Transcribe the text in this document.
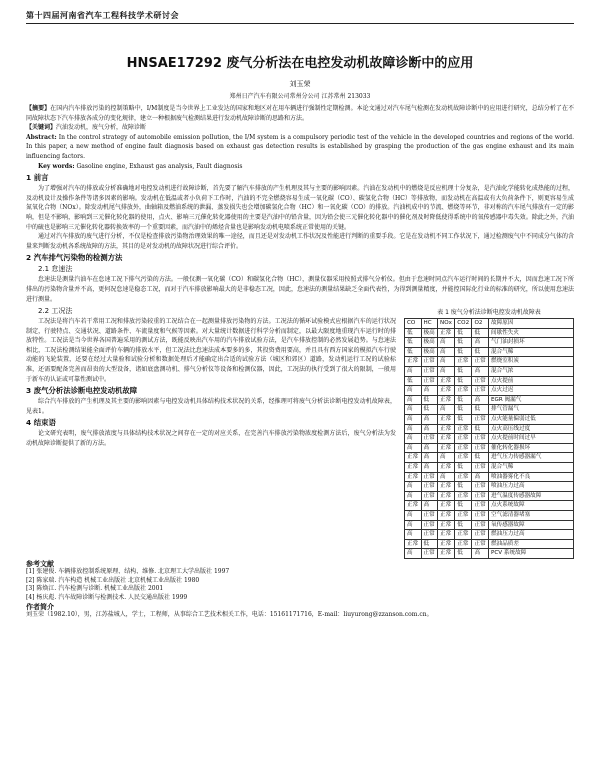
第十四届河南省汽车工程科技学术研讨会
HNSAE17292 废气分析法在电控发动机故障诊断中的应用
刘玉荣
郑州日产汽车有限公司常州分公司 江苏常州 213033

【摘要】在国内汽车排放污染的控制策略中，I/M制度是当今世界上工业发达的国家和地区对在用车辆进行强制性定期检测。本论文通过对汽车尾气检测在发动机故障诊断中的应用进行研究，总结分析了在不同故障状态下汽车排放各成分的变化规律，建立一种根据废气检测结果进行发动机故障诊断的思路和方法。

【关键词】汽油发动机，废气分析，故障诊断

Abstract: In the control strategy of automobile emission pollution, the I/M system is a compulsory periodic test of the vehicle in the developed countries and regions of the world. In this paper, a new method of engine fault diagnosis based on exhaust gas detection results is established by grasping the production of the gas engine exhaust and its main influencing factors.

Key words: Gasoline engine, Exhaust gas analysis, Fault diagnosis

1 前言

为了增强对汽车的排放或分析准确地对电控发动机进行故障诊断，首先要了解汽车排放的产生机理及其与主要的影响因素。汽油在发动机中的燃烧是反应机理十分复杂，是汽油化学能转化成热能的过程，及动机设计及操作条件等诸多因素的影响。发动机在低温或者小负荷下工作时，汽油的不完全燃烧容易生成一氧化碳（CO）、碳氢化合物（HC）等排放物，而发动机在高温或有大负荷条件下，则更容易生成氮氧化合物（NOx）。除发动机尾气排放外，曲轴箱及燃油系统的泄漏、蒸发损失也会增加碳氢化合物（HC）和一氧化碳（CO）的排放。汽油机成中的节流、燃烧等环节，非对称的汽车尾气排放有一定的影响，但是不影响，影响到三元催化转化器的使用，点火、影响三元催化转化器使用的主要是汽油中的铅含量，因为铅会使三元催化转化器中的催化剂及时降低使得系统中的氧传感器中毒失效。除此之外，汽油中的硫也是影响三元催化转化器转换效率的一个重要因素，而汽油中的烯烃含量也是影响发动机电喷系统正常使用的关键。

通过对汽车排放的废气进行分析，不仅是检查排放污染物治理效果的唯一途径，而且还是对发动机工作状况及性能进行判断的重要手段。它是在发动机不同工作状况下，通过检测废气中不同成分气体的含量来判断发动机各系统故障的方法，其目的是对发动机的故障状况进行综合评价。

2 汽车排气污染物的检测方法
2.1 怠速法

怠速法是测量汽油车在怠速工况下排气污染的方法。一般仅测一氧化碳（CO）和碳氢化合物（HC），测量仪器采用按照式排气分析仪。但由于怠速时同点汽车运行时间的长期并不大，因而怠速工况下所排出的污染物含量并不高，更何况怠速是稳态工况，而对于汽车排放影响最大的是非稳态工况，因此，怠速法的测量结果缺乏全面代表性，为得到测量精度，并能控国际化行业的标准的研究，所以使用怠速法进行测量。

2.2 工况法

工况法是将汽车若干常用工况和排放污染较重的工况结合在一起测量排放污染物的方法。工况法的循环试验模式应根据汽车的运行状况制定，行驶特点、交通状况、道路条件、车流量度和气候等因素。对大量统计数据进行科学分析而制定，以最大限度地重现汽车运行时的排放特性。工况法是当今世界各国普遍采用的测试方法，既能反映出汽车用的汽车排放试验方法，是汽车排放控制的必然发展趋势。与怠速法相比，工况法检测结果能全面评价车辆的排放水平，但工况法比怠速法成本要多的多，其投资费用要高，并且具有西方国家的模拟汽车行驶动能的飞轮装置，还要在经过大量验和试验分析和数据处理后才能确定出合适的试验方法（城区和郊区）道路，发动机运行工况的试验标准，还需要配备完善而昂贵的大型设备，诸如底盘测功机、排气分析仪等设备和检测仪器，因此，工况法的执行受到了很大的限制，一般用于新车的认证或可靠性测试中。

3 废气分析法诊断电控发动机故障

综合汽车排放的产生机理及其主要的影响因素与电控发动机具体结构技术状况的关系，经推理可将废气分析法诊断电控发动机故障表，见表1。

4 结束语

论文研究表明，废气排放浓度与具体结构技术状况之间存在一定的对应关系，在完善汽车排放污染物浓度检测方法后，废气分析法为发动机故障诊断提供了新的方法。

表 1 废气分析法诊断电控发动机故障表
CO	HC	NOx	CO2	O2	故障原因
低	极高	正常	低	低	间歇性失火
低	极高	高	低	高	气门油封损坏
低	极高	高	低	低	混合气稀
正常	正常	高	正常	正常	燃烧室积炭
高	正常	高	低	高	混合气浓
低	正常	正常	低	正常	点火提前
高	高	正常	正常	正常	点火过迟
高	低	正常	低	高	EGR 阀漏气
高	低	高	低	低	排气管漏气
高	高	正常	低	正常	点火能量偏弱过低
高	高	正常	正常	低	点火高压线过度
高	正常	正常	正常	正常	点火提前时间过早
高	高	正常	正常	正常	催化转化器损坏
正常	高	高	正常	低	进气压力传感器漏气
正常	高	正常	低	正常	混合气稀
正常	正常	高	正常	高	喷油器雾化不良
高	正常	正常	低	正常	喷油压力过高
高	正常	正常	正常	正常	进气温度传感器故障
正常	高	正常	低	正常	点火系统故障
高	正常	正常	正常	正常	空气滤清器堵塞
高	正常	正常	低	正常	氧传感器故障
高	正常	正常	正常	正常	燃油压力过高
正常	低	正常	正常	正常	燃油品质差
高	正常	正常	低	高	PCV 系统故障
参考文献

[1] 张建俊. 车辆排放控制系统原理、结构、维修. 北京理工大学出版社 1997

[2] 陈家瑞. 汽车构造 机械工业出版社 北京机械工业出版社 1980

[3] 陈焕江. 汽车检测与诊断. 机械工业出版社 2001

[4] 杨庆彪. 汽车故障诊断与检测技术. 人民交通出版社 1999

作者简介

刘玉荣（1982.10），男，江苏盐城人，学士，工程师，从事综合工艺技术相关工作，电话：15161171716，E-mail：liuyurong@zzanson.com.cn。
